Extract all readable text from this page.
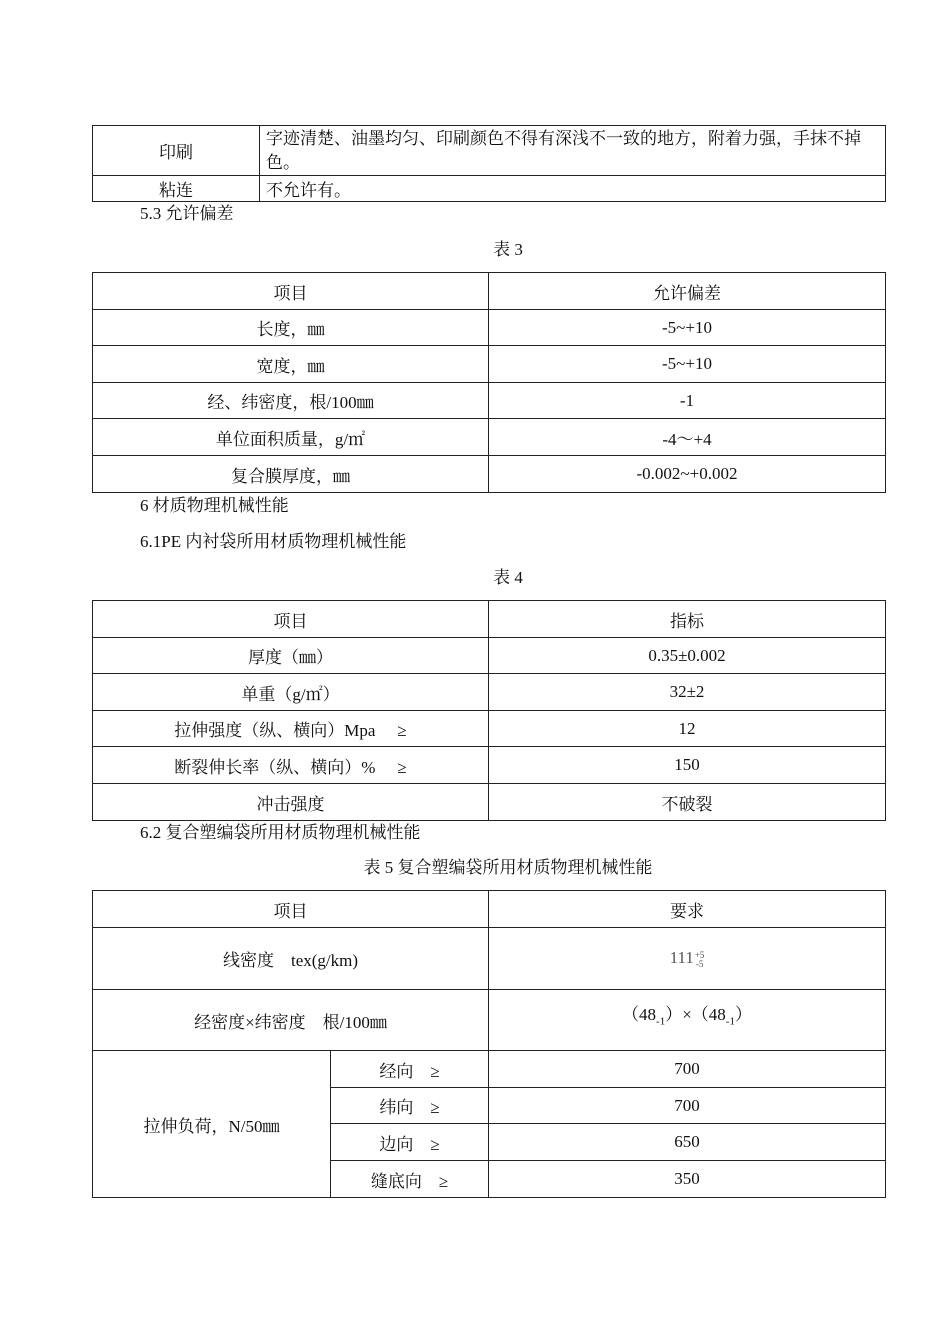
印刷	字迹清楚、油墨均匀、印刷颜色不得有深浅不一致的地方，附着力强，手抹不掉色。
粘连	不允许有。
5.3 允许偏差
表 3
项目	允许偏差
长度，㎜	-5~+10
宽度，㎜	-5~+10
经、纬密度，根/100㎜	-1
单位面积质量，g/㎡	-4～+4
复合膜厚度，㎜	-0.002~+0.002
6 材质物理机械性能
6.1PE 内衬袋所用材质物理机械性能
表 4
项目	指标
厚度（㎜）	0.35±0.002
单重（g/㎡）	32±2
拉伸强度（纵、横向）Mpa ≥	12
断裂伸长率（纵、横向）% ≥	150
冲击强度	不破裂
6.2 复合塑编袋所用材质物理机械性能
表 5 复合塑编袋所用材质物理机械性能
项目		要求
线密度　tex(g/km)		111 +5
-5

经密度×纬密度　根/100㎜		$(48_{-1})\times(48_{-1})$
拉伸负荷，N/50㎜	经向　 ≥	700
	纬向　 ≥	700
	边向　 ≥	650
	缝底向　 ≥	350
